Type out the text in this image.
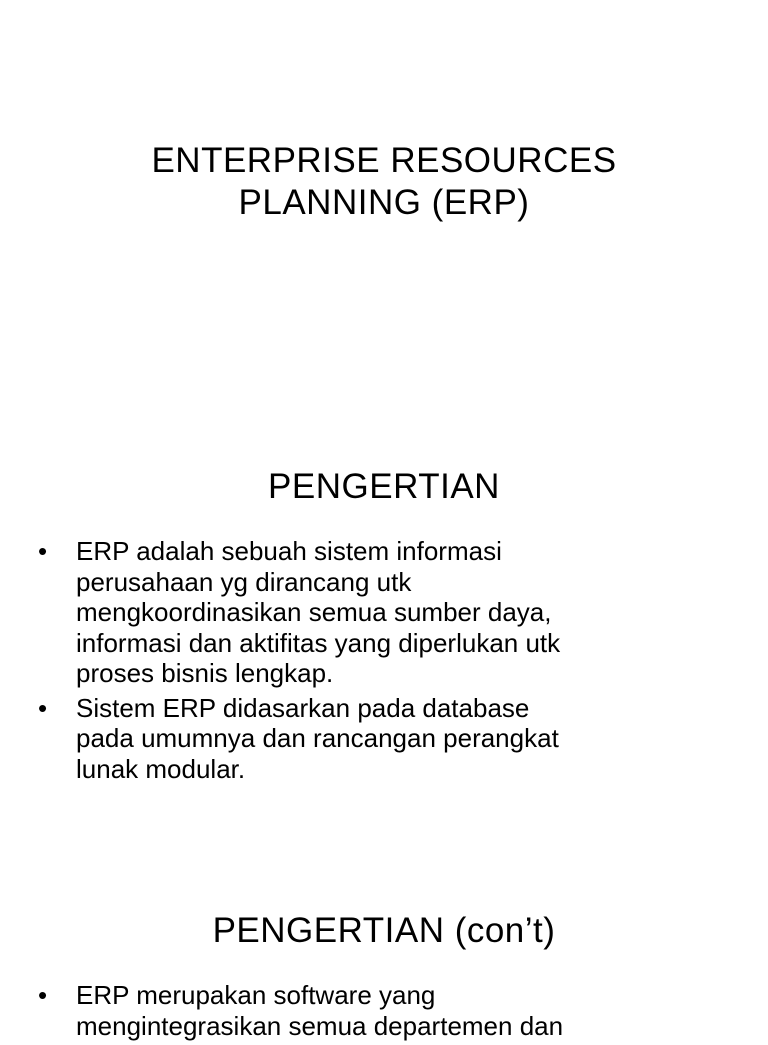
ENTERPRISE RESOURCES
PLANNING (ERP)
PENGERTIAN
•	ERP adalah sebuah sistem informasi
perusahaan yg dirancang utk
mengkoordinasikan semua sumber daya,
informasi dan aktifitas yang diperlukan utk
proses bisnis lengkap.
•	Sistem ERP didasarkan pada database
pada umumnya dan rancangan perangkat
lunak modular.
PENGERTIAN (con’t)
•	ERP merupakan software yang
mengintegrasikan semua departemen dan
